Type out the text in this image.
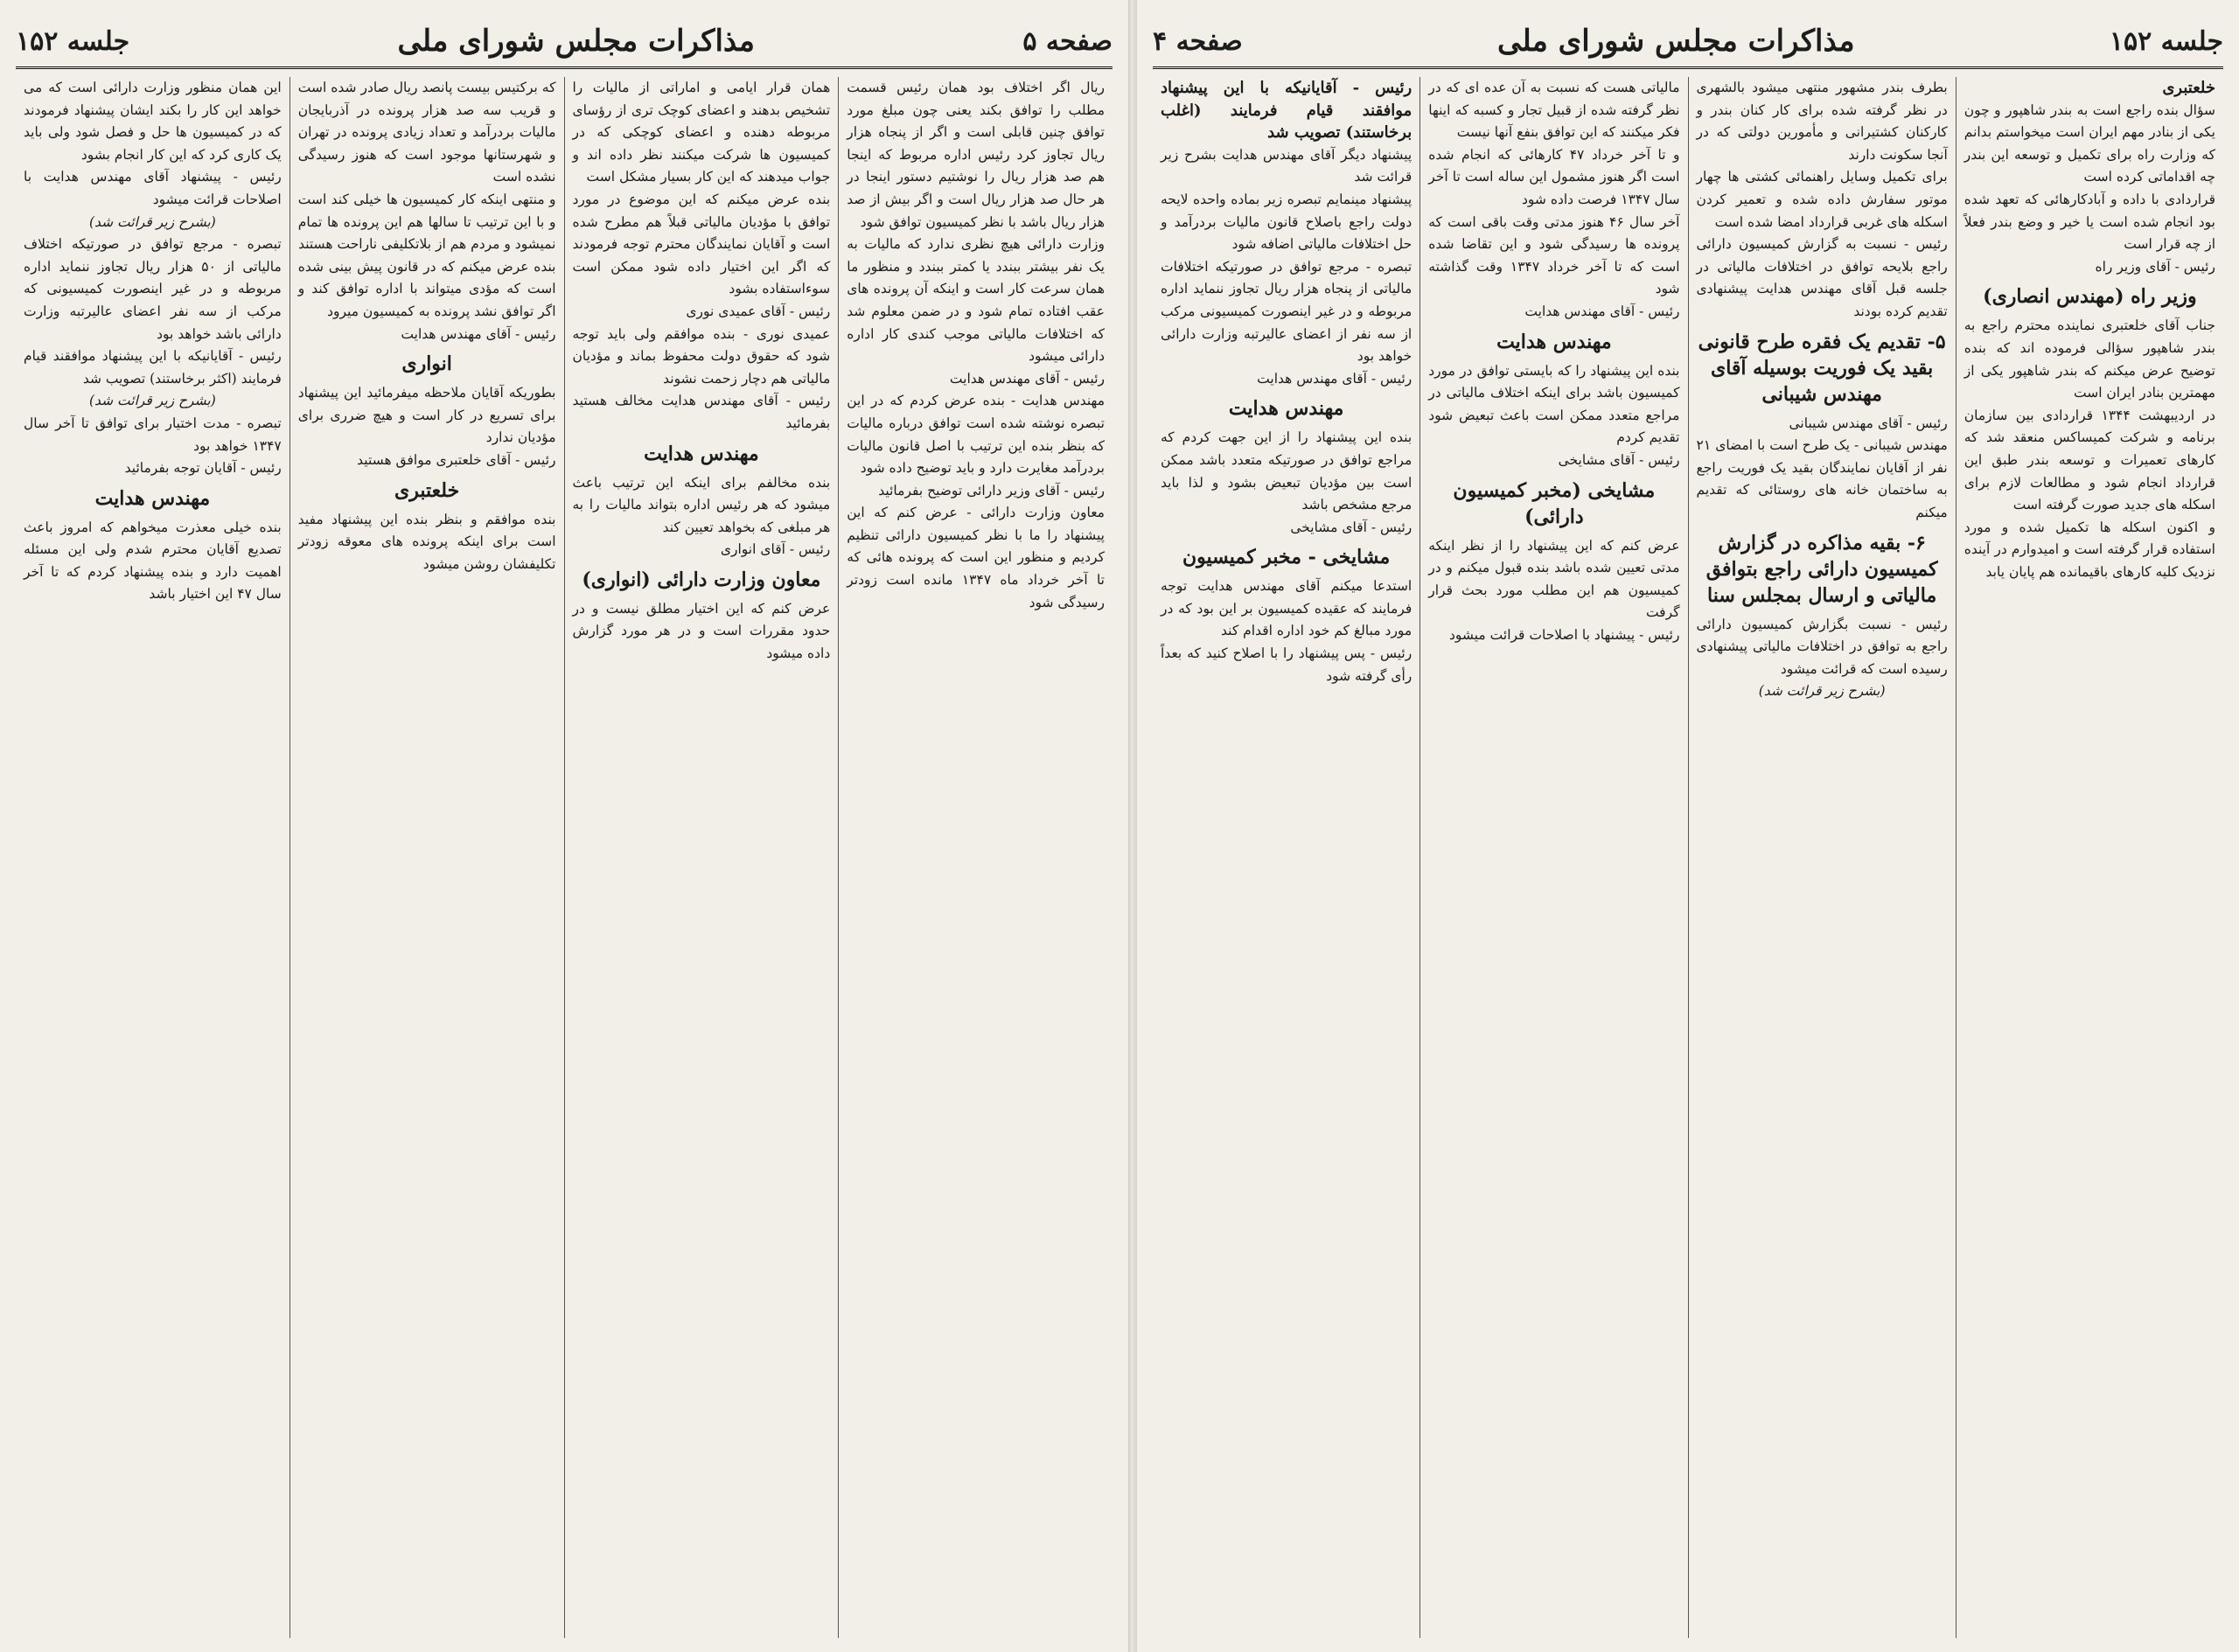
صفحه ۵
مذاکرات مجلس شورای ملی
جلسه ۱۵۲

ریال اگر اختلاف بود همان رئیس قسمت مطلب را توافق بکند یعنی چون مبلغ مورد توافق چنین قابلی است و اگر از پنجاه هزار ریال تجاوز کرد رئیس اداره مربوط که اینجا هم صد هزار ریال را نوشتیم دستور اینجا در هر حال صد هزار ریال است و اگر بیش از صد هزار ریال باشد با نظر کمیسیون توافق شود

وزارت دارائی هیچ نظری ندارد که مالیات به یک نفر بیشتر ببندد یا کمتر ببندد و منظور ما همان سرعت کار است و اینکه آن پرونده های عقب افتاده تمام شود و در ضمن معلوم شد که اختلافات مالیاتی موجب کندی کار اداره دارائی میشود

رئیس - آقای مهندس هدایت

مهندس هدایت - بنده عرض کردم که در این تبصره نوشته شده است توافق درباره مالیات که بنظر بنده این ترتیب با اصل قانون مالیات بردرآمد مغایرت دارد و باید توضیح داده شود

رئیس - آقای وزیر دارائی توضیح بفرمائید

معاون وزارت دارائی - عرض کنم که این پیشنهاد را ما با نظر کمیسیون دارائی تنظیم کردیم و منظور این است که پرونده هائی که تا آخر خرداد ماه ۱۳۴۷ مانده است زودتر رسیدگی شود

همان قرار ایامی و اماراتی از مالیات را تشخیص بدهند و اعضای کوچک تری از رؤسای مربوطه دهنده و اعضای کوچکی که در کمیسیون ها شرکت میکنند نظر داده اند و جواب میدهند که این کار بسیار مشکل است

بنده عرض میکنم که این موضوع در مورد توافق با مؤدیان مالیاتی قبلاً هم مطرح شده است و آقایان نمایندگان محترم توجه فرمودند که اگر این اختیار داده شود ممکن است سوءاستفاده بشود

رئیس - آقای عمیدی نوری

عمیدی نوری - بنده موافقم ولی باید توجه شود که حقوق دولت محفوظ بماند و مؤدیان مالیاتی هم دچار زحمت نشوند

رئیس - آقای مهندس هدایت مخالف هستید بفرمائید

مهندس هدایت

بنده مخالفم برای اینکه این ترتیب باعث میشود که هر رئیس اداره بتواند مالیات را به هر مبلغی که بخواهد تعیین کند

رئیس - آقای انواری

معاون وزارت دارائی (انواری)

عرض کنم که این اختیار مطلق نیست و در حدود مقررات است و در هر مورد گزارش داده میشود

که برکتیس بیست پانصد ریال صادر شده است و قریب سه صد هزار پرونده در آذربایجان مالیات بردرآمد و تعداد زیادی پرونده در تهران و شهرستانها موجود است که هنوز رسیدگی نشده است

و منتهی اینکه کار کمیسیون ها خیلی کند است و با این ترتیب تا سالها هم این پرونده ها تمام نمیشود و مردم هم از بلاتکلیفی ناراحت هستند

بنده عرض میکنم که در قانون پیش بینی شده است که مؤدی میتواند با اداره توافق کند و اگر توافق نشد پرونده به کمیسیون میرود

رئیس - آقای مهندس هدایت

انواری

بطوریکه آقایان ملاحظه میفرمائید این پیشنهاد برای تسریع در کار است و هیچ ضرری برای مؤدیان ندارد

رئیس - آقای خلعتبری موافق هستید

خلعتبری

بنده موافقم و بنظر بنده این پیشنهاد مفید است برای اینکه پرونده های معوقه زودتر تکلیفشان روشن میشود

این همان منظور وزارت دارائی است که می خواهد این کار را بکند ایشان پیشنهاد فرمودند که در کمیسیون ها حل و فصل شود ولی باید یک کاری کرد که این کار انجام بشود

رئیس - پیشنهاد آقای مهندس هدایت با اصلاحات قرائت میشود

(بشرح زیر قرائت شد)

تبصره - مرجع توافق در صورتیکه اختلاف مالیاتی از ۵۰ هزار ریال تجاوز ننماید اداره مربوطه و در غیر اینصورت کمیسیونی که مرکب از سه نفر اعضای عالیرتبه وزارت دارائی باشد خواهد بود

رئیس - آقایانیکه با این پیشنهاد موافقند قیام فرمایند (اکثر برخاستند) تصویب شد

(بشرح زیر قرائت شد)

تبصره - مدت اختیار برای توافق تا آخر سال ۱۳۴۷ خواهد بود

رئیس - آقایان توجه بفرمائید

مهندس هدایت

بنده خیلی معذرت میخواهم که امروز باعث تصدیع آقایان محترم شدم ولی این مسئله اهمیت دارد و بنده پیشنهاد کردم که تا آخر سال ۴۷ این اختیار باشد

جلسه ۱۵۲
مذاکرات مجلس شورای ملی
صفحه ۴

خلعتبری

سؤال بنده راجع است به بندر شاهپور و چون یکی از بنادر مهم ایران است میخواستم بدانم که وزارت راه برای تکمیل و توسعه این بندر چه اقداماتی کرده است

قراردادی با داده و آبادکارهائی که تعهد شده بود انجام شده است یا خیر و وضع بندر فعلاً از چه قرار است

رئیس - آقای وزیر راه

وزیر راه (مهندس انصاری)

جناب آقای خلعتبری نماینده محترم راجع به بندر شاهپور سؤالی فرموده اند که بنده توضیح عرض میکنم که بندر شاهپور یکی از مهمترین بنادر ایران است

در اردیبهشت ۱۳۴۴ قراردادی بین سازمان برنامه و شرکت کمیساکس منعقد شد که کارهای تعمیرات و توسعه بندر طبق این قرارداد انجام شود و مطالعات لازم برای اسکله های جدید صورت گرفته است

و اکنون اسکله ها تکمیل شده و مورد استفاده قرار گرفته است و امیدوارم در آینده نزدیک کلیه کارهای باقیمانده هم پایان یابد

بطرف بندر مشهور منتهی میشود بالشهری در نظر گرفته شده برای کار کنان بندر و کارکنان کشتیرانی و مأمورین دولتی که در آنجا سکونت دارند

برای تکمیل وسایل راهنمائی کشتی ها چهار موتور سفارش داده شده و تعمیر کردن اسکله های غربی قرارداد امضا شده است

رئیس - نسبت به گزارش کمیسیون دارائی راجع بلایحه توافق در اختلافات مالیاتی در جلسه قبل آقای مهندس هدایت پیشنهادی تقدیم کرده بودند

۵- تقدیم یک فقره طرح قانونی بقید یک فوریت بوسیله آقای مهندس شیبانی

رئیس - آقای مهندس شیبانی

مهندس شیبانی - یک طرح است با امضای ۲۱ نفر از آقایان نمایندگان بقید یک فوریت راجع به ساختمان خانه های روستائی که تقدیم میکنم

۶- بقیه مذاکره در گزارش کمیسیون دارائی راجع بتوافق مالیاتی و ارسال بمجلس سنا

رئیس - نسبت بگزارش کمیسیون دارائی راجع به توافق در اختلافات مالیاتی پیشنهادی رسیده است که قرائت میشود

(بشرح زیر قرائت شد)

مالیاتی هست که نسبت به آن عده ای که در نظر گرفته شده از قبیل تجار و کسبه که اینها فکر میکنند که این توافق بنفع آنها نیست

و تا آخر خرداد ۴۷ کارهائی که انجام شده است اگر هنوز مشمول این ساله است تا آخر سال ۱۳۴۷ فرصت داده شود

آخر سال ۴۶ هنوز مدتی وقت باقی است که پرونده ها رسیدگی شود و این تقاضا شده است که تا آخر خرداد ۱۳۴۷ وقت گذاشته شود

رئیس - آقای مهندس هدایت

مهندس هدایت

بنده این پیشنهاد را که بایستی توافق در مورد کمیسیون باشد برای اینکه اختلاف مالیاتی در مراجع متعدد ممکن است باعث تبعیض شود تقدیم کردم

رئیس - آقای مشایخی

مشایخی (مخبر کمیسیون دارائی)

عرض کنم که این پیشنهاد را از نظر اینکه مدتی تعیین شده باشد بنده قبول میکنم و در کمیسیون هم این مطلب مورد بحث قرار گرفت

رئیس - پیشنهاد با اصلاحات قرائت میشود

رئیس - آقایانیکه با این پیشنهاد موافقند قیام فرمایند (اغلب برخاستند) تصویب شد

پیشنهاد دیگر آقای مهندس هدایت بشرح زیر قرائت شد

پیشنهاد مینمایم تبصره زیر بماده واحده لایحه دولت راجع باصلاح قانون مالیات بردرآمد و حل اختلافات مالیاتی اضافه شود

تبصره - مرجع توافق در صورتیکه اختلافات مالیاتی از پنجاه هزار ریال تجاوز ننماید اداره مربوطه و در غیر اینصورت کمیسیونی مرکب از سه نفر از اعضای عالیرتبه وزارت دارائی خواهد بود

رئیس - آقای مهندس هدایت

مهندس هدایت

بنده این پیشنهاد را از این جهت کردم که مراجع توافق در صورتیکه متعدد باشد ممکن است بین مؤدیان تبعیض بشود و لذا باید مرجع مشخص باشد

رئیس - آقای مشایخی

مشایخی - مخبر کمیسیون

استدعا میکنم آقای مهندس هدایت توجه فرمایند که عقیده کمیسیون بر این بود که در مورد مبالغ کم خود اداره اقدام کند

رئیس - پس پیشنهاد را با اصلاح کنید که بعداً رأی گرفته شود
